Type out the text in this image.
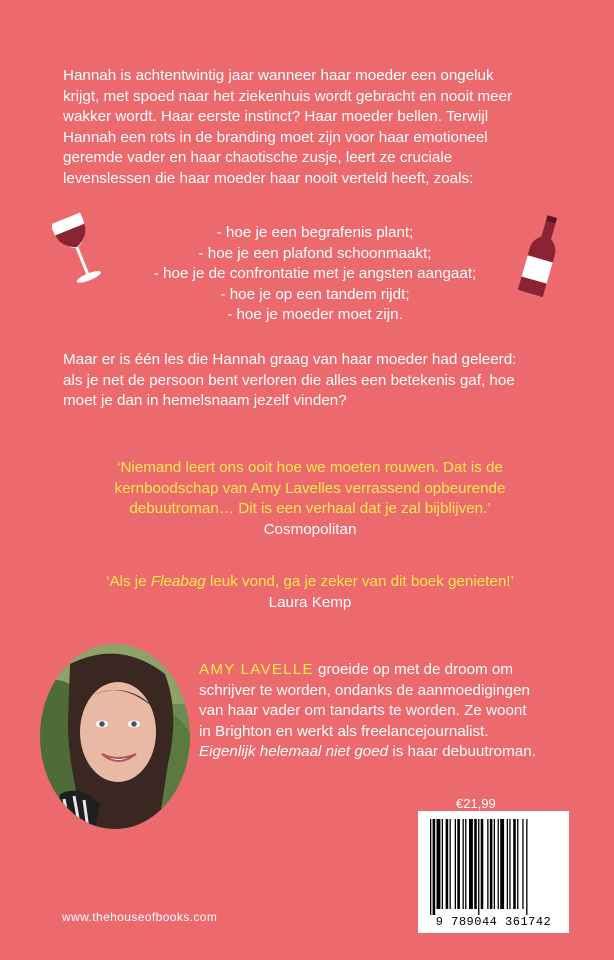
Hannah is achtentwintig jaar wanneer haar moeder een ongeluk

krijgt, met spoed naar het ziekenhuis wordt gebracht en nooit meer

wakker wordt. Haar eerste instinct? Haar moeder bellen. Terwijl

Hannah een rots in de branding moet zijn voor haar emotioneel

geremde vader en haar chaotische zusje, leert ze cruciale

levenslessen die haar moeder haar nooit verteld heeft, zoals:

- hoe je een begrafenis plant;
- hoe je een plafond schoonmaakt;
- hoe je de confrontatie met je angsten aangaat;
- hoe je op een tandem rijdt;
- hoe je moeder moet zijn.
Maar er is één les die Hannah graag van haar moeder had geleerd:
als je net de persoon bent verloren die alles een betekenis gaf, hoe
moet je dan in hemelsnaam jezelf vinden?
‘Niemand leert ons ooit hoe we moeten rouwen. Dat is de
kernboodschap van Amy Lavelles verrassend opbeurende
debuutroman… Dit is een verhaal dat je zal bijblijven.’
Cosmopolitan
‘Als je Fleabag leuk vond, ga je zeker van dit boek genieten!’
Laura Kemp
AMY LAVELLE groeide op met de droom om
schrijver te worden, ondanks de aanmoedigingen
van haar vader om tandarts te worden. Ze woont
in Brighton en werkt als freelancejournalist.
Eigenlijk helemaal niet goed is haar debuutroman.
€21,99
9 789044 361742
www.thehouseofbooks.com
